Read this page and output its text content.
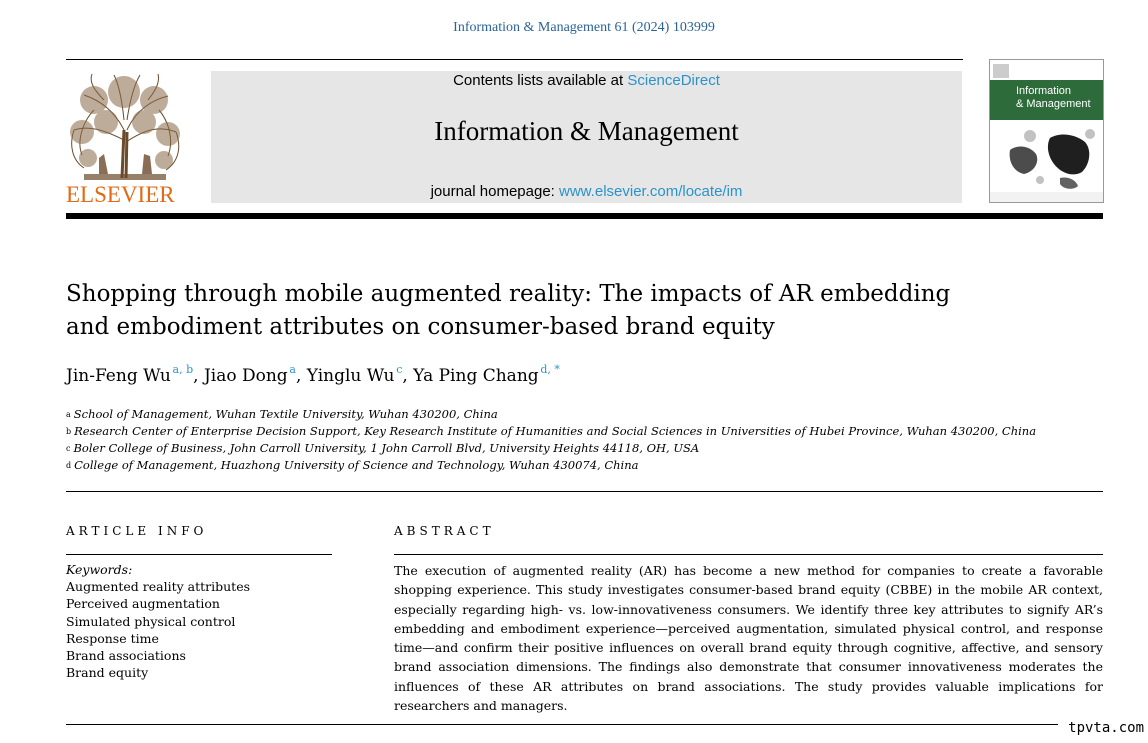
Information & Management 61 (2024) 103999
ELSEVIER
Contents lists available at ScienceDirect
Information & Management
journal homepage: www.elsevier.com/locate/im
Information
& Management
Shopping through mobile augmented reality: The impacts of AR embedding
and embodiment attributes on consumer-based brand equity
Jin-Feng Wu  $^{a, b}$, Jiao Dong  $^a$, Yinglu Wu  $^c$, Ya Ping Chang  $^{d, *}$
$^a$ School of Management, Wuhan Textile University, Wuhan 430200, China
$^b$ Research Center of Enterprise Decision Support, Key Research Institute of Humanities and Social Sciences in Universities of Hubei Province, Wuhan 430200, China
$^c$ Boler College of Business, John Carroll University, 1 John Carroll Blvd, University Heights 44118, OH, USA
$^d$ College of Management, Huazhong University of Science and Technology, Wuhan 430074, China
ARTICLE INFO
Keywords:
Augmented reality attributes
Perceived augmentation
Simulated physical control
Response time
Brand associations
Brand equity
ABSTRACT
The execution of augmented reality (AR) has become a new method for companies to create a favorable shopping experience. This study investigates consumer-based brand equity (CBBE) in the mobile AR context, especially regarding high- vs. low-innovativeness consumers. We identify three key attributes to signify AR’s embedding and embodiment experience—perceived augmentation, simulated physical control, and response time—and confirm their positive influences on overall brand equity through cognitive, affective, and sensory brand association dimensions. The findings also demonstrate that consumer innovativeness moderates the influences of these AR attributes on brand associations. The study provides valuable implications for researchers and managers.
tpvta.com
